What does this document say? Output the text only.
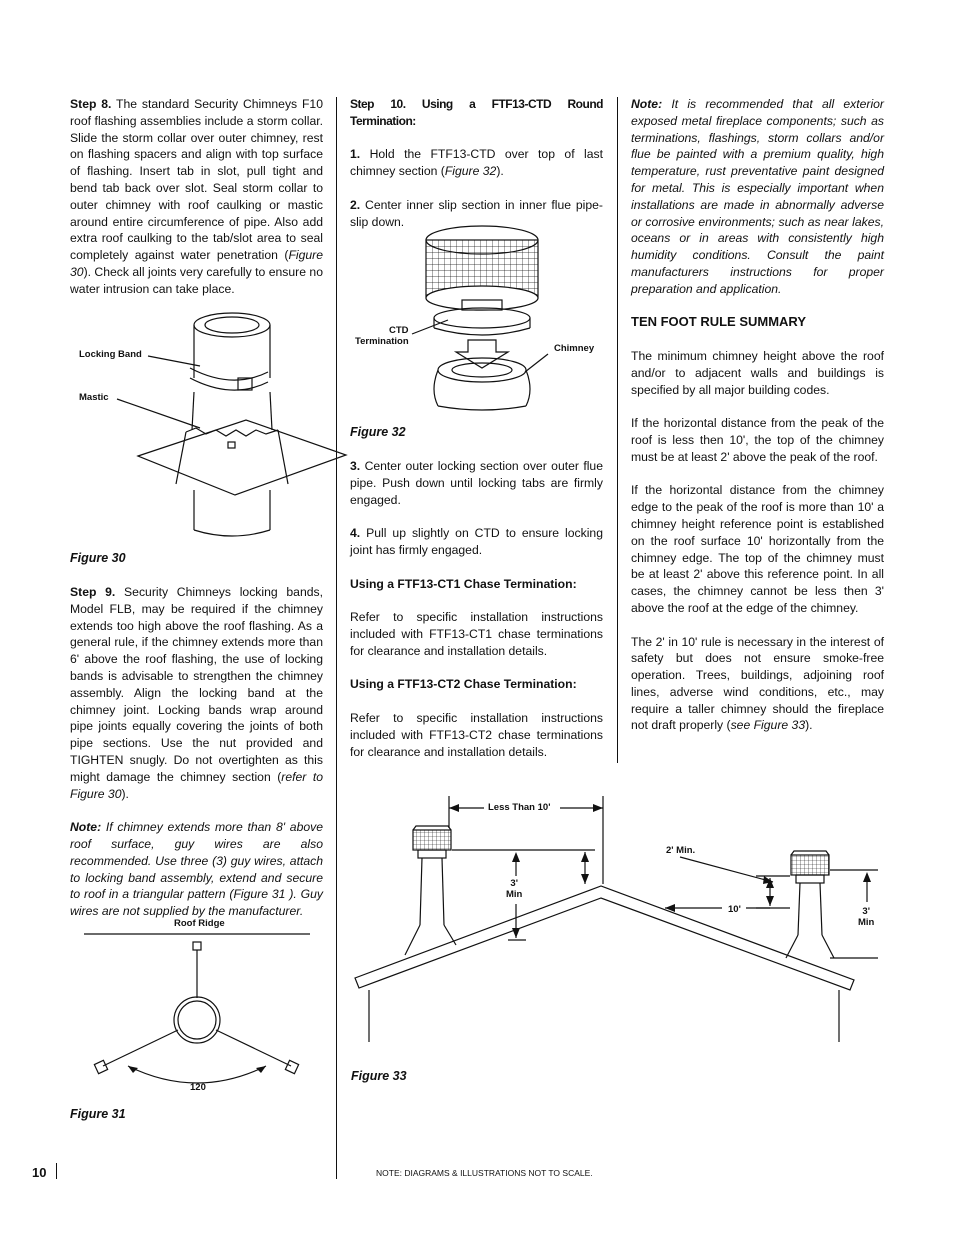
Step 8. The standard Security Chimneys F10 roof flashing assemblies include a storm collar. Slide the storm collar over outer chimney, rest on flashing spacers and align with top surface of flashing. Insert tab in slot, pull tight and bend tab back over slot. Seal storm collar to outer chimney with roof caulking or mastic around entire circumference of pipe. Also add extra roof caulking to the tab/slot area to seal completely against water penetration (Figure 30). Check all joints very carefully to ensure no water intrusion can take place.

Locking Band
Mastic
Figure 30

Step 9. Security Chimneys locking bands, Model FLB, may be required if the chimney extends too high above the roof flashing. As a general rule, if the chimney extends more than 6' above the roof flashing, the use of locking bands is advisable to strengthen the chimney assembly. Align the locking band at the chimney joint. Locking bands wrap around pipe joints equally covering the joints of both pipe sections. Use the nut provided and TIGHTEN snugly. Do not overtighten as this might damage the chimney section (refer to Figure 30).

Note: If chimney extends more than 8' above roof surface, guy wires are also recommended. Use three (3) guy wires, attach to locking band assembly, extend and secure to roof in a triangular pattern (Figure 31 ). Guy wires are not supplied by the manufacturer.

Roof Ridge
120
Figure 31

Step 10. Using a FTF13-CTD Round Termination:

1. Hold the FTF13-CTD over top of last chimney section (Figure 32).

2. Center inner slip section in inner flue pipe-slip down.

CTD
Termination
Chimney
Figure 32

3. Center outer locking section over outer flue pipe. Push down until locking tabs are firmly engaged.

4. Pull up slightly on CTD to ensure locking joint has firmly engaged.

Using a FTF13-CT1 Chase Termination:

Refer to specific installation instructions included with FTF13-CT1 chase terminations for clearance and installation details.

Using a FTF13-CT2 Chase Termination:

Refer to specific installation instructions included with FTF13-CT2 chase terminations for clearance and installation details.

Note: It is recommended that all exterior exposed metal fireplace components; such as terminations, flashings, storm collars and/or flue be painted with a premium quality, high temperature, rust preventative paint designed for metal. This is especially important when installations are made in abnormally adverse or corrosive environments; such as near lakes, oceans or in areas with consistently high humidity conditions. Consult the paint manufacturers instructions for proper preparation and application.

TEN FOOT RULE SUMMARY

The minimum chimney height above the roof and/or to adjacent walls and buildings is specified by all major building codes.

If the horizontal distance from the peak of the roof is less then 10', the top of the chimney must be at least 2' above the peak of the roof.

If the horizontal distance from the chimney edge to the peak of the roof is more than 10' a chimney height reference point is established on the roof surface 10' horizontally from the chimney edge. The top of the chimney must be at least 2' above this reference point. In all cases, the chimney cannot be less then 3' above the roof at the edge of the chimney.

The 2' in 10' rule is necessary in the interest of safety but does not ensure smoke-free operation. Trees, buildings, adjoining roof lines, adverse wind conditions, etc., may require a taller chimney should the fireplace not draft properly (see Figure 33).

Less Than 10'
2' Min.
3'
Min
10'	3'
Min
Figure 33
10	NOTE: DIAGRAMS & ILLUSTRATIONS NOT TO SCALE.
